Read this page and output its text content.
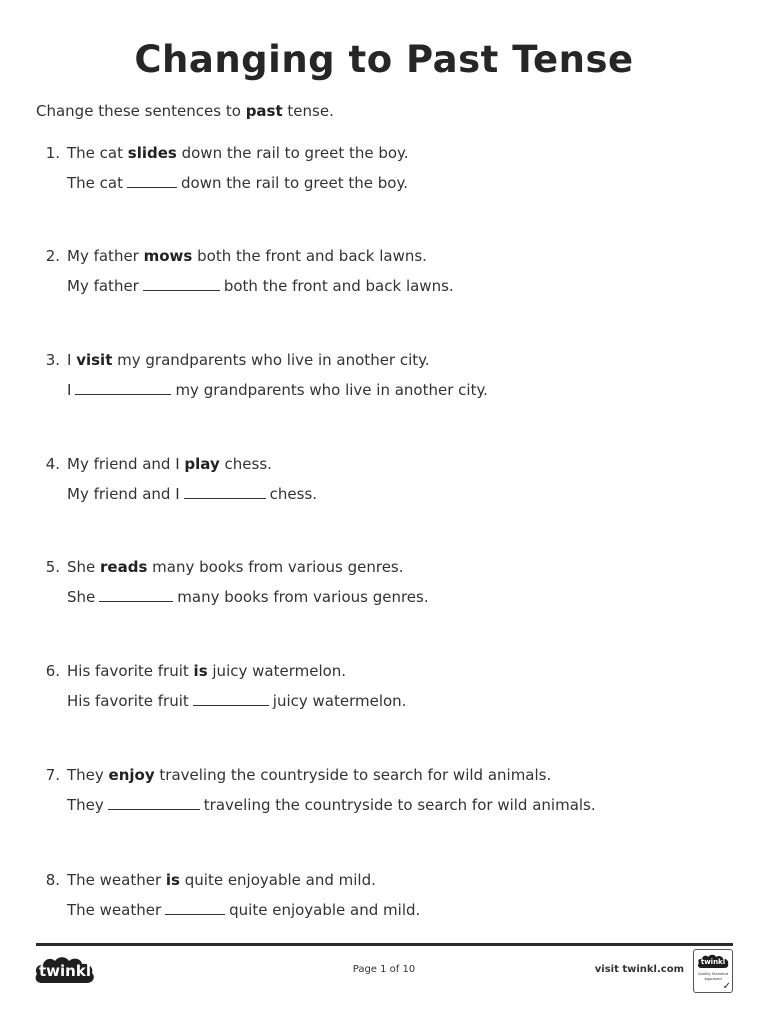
Changing to Past Tense
Change these sentences to past tense.
1. The cat slides down the rail to greet the boy.
The cat	down the rail to greet the boy.
2. My father mows both the front and back lawns.
My father	both the front and back lawns.
3. I visit my grandparents who live in another city.
I	my grandparents who live in another city.
4. My friend and I play chess.
My friend and I	chess.
5. She reads many books from various genres.
She	many books from various genres.
6. His favorite fruit is juicy watermelon.
His favorite fruit	juicy watermelon.
7. They enjoy traveling the countryside to search for wild animals.
They	traveling the countryside to search for wild animals.
8. The weather is quite enjoyable and mild.
The weather	quite enjoyable and mild.
twinkl	Page 1 of 10	visit twinkl.com
twinkl
Quality Standard
Approved
✓
